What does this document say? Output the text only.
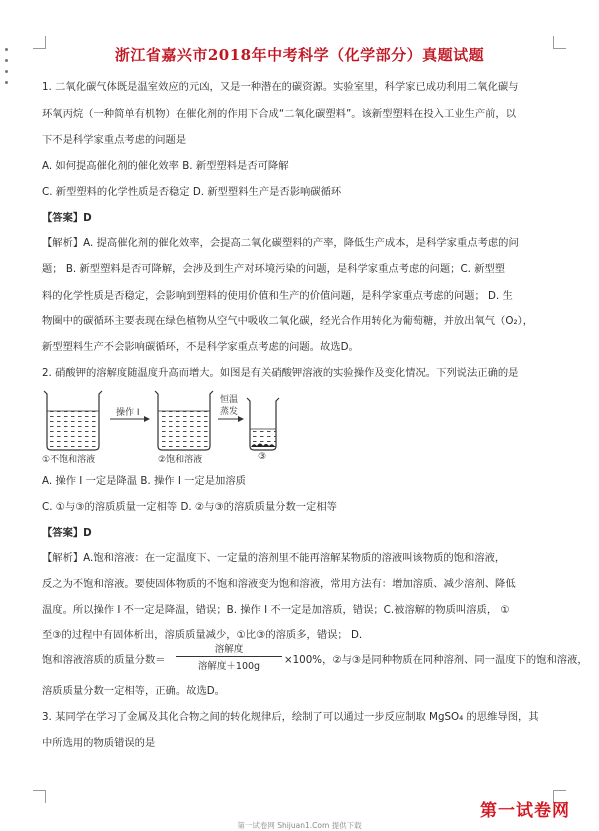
浙江省嘉兴市2018年中考科学（化学部分）真题试题
1. 二氧化碳气体既是温室效应的元凶，又是一种潜在的碳资源。实验室里，科学家已成功利用二氧化碳与
环氧丙烷（一种简单有机物）在催化剂的作用下合成“二氧化碳塑料”。该新型塑料在投入工业生产前，以
下不是科学家重点考虑的问题是
A. 如何提高催化剂的催化效率 B. 新型塑料是否可降解
C. 新型塑料的化学性质是否稳定 D. 新型塑料生产是否影响碳循环
【答案】D
【解析】A. 提高催化剂的催化效率，会提高二氧化碳塑料的产率，降低生产成本，是科学家重点考虑的问
题； B. 新型塑料是否可降解，会涉及到生产对环境污染的问题，是科学家重点考虑的问题；C. 新型塑
料的化学性质是否稳定，会影响到塑料的使用价值和生产的价值问题，是科学家重点考虑的问题； D. 生
物圈中的碳循环主要表现在绿色植物从空气中吸收二氧化碳，经光合作用转化为葡萄糖，并放出氧气（O₂），
新型塑料生产不会影响碳循环，不是科学家重点考虑的问题。故选D。
2. 硝酸钾的溶解度随温度升高而增大。如图是有关硝酸钾溶液的实验操作及变化情况。下列说法正确的是
操作 I
恒温
蒸发
①不饱和溶液	②饱和溶液	③
A. 操作 I 一定是降温 B. 操作 I 一定是加溶质
C. ①与③的溶质质量一定相等 D. ②与③的溶质质量分数一定相等
【答案】D
【解析】A.饱和溶液：在一定温度下、一定量的溶剂里不能再溶解某物质的溶液叫该物质的饱和溶液，
反之为不饱和溶液。要使固体物质的不饱和溶液变为饱和溶液，常用方法有：增加溶质、减少溶剂、降低
温度。所以操作 I 不一定是降温，错误；B. 操作 I 不一定是加溶质，错误；C.被溶解的物质叫溶质， ①
至③的过程中有固体析出，溶质质量减少，①比③的溶质多，错误； D.
饱和溶液溶质的质量分数＝
溶解度
溶解度＋100g
×100%，②与③是同种物质在同种溶剂、同一温度下的饱和溶液，
溶质质量分数一定相等，正确。故选D。
3. 某同学在学习了金属及其化合物之间的转化规律后，绘制了可以通过一步反应制取 MgSO₄ 的思维导图，其
中所选用的物质错误的是
第一试卷网
第一试卷网 Shijuan1.Com 提供下载
